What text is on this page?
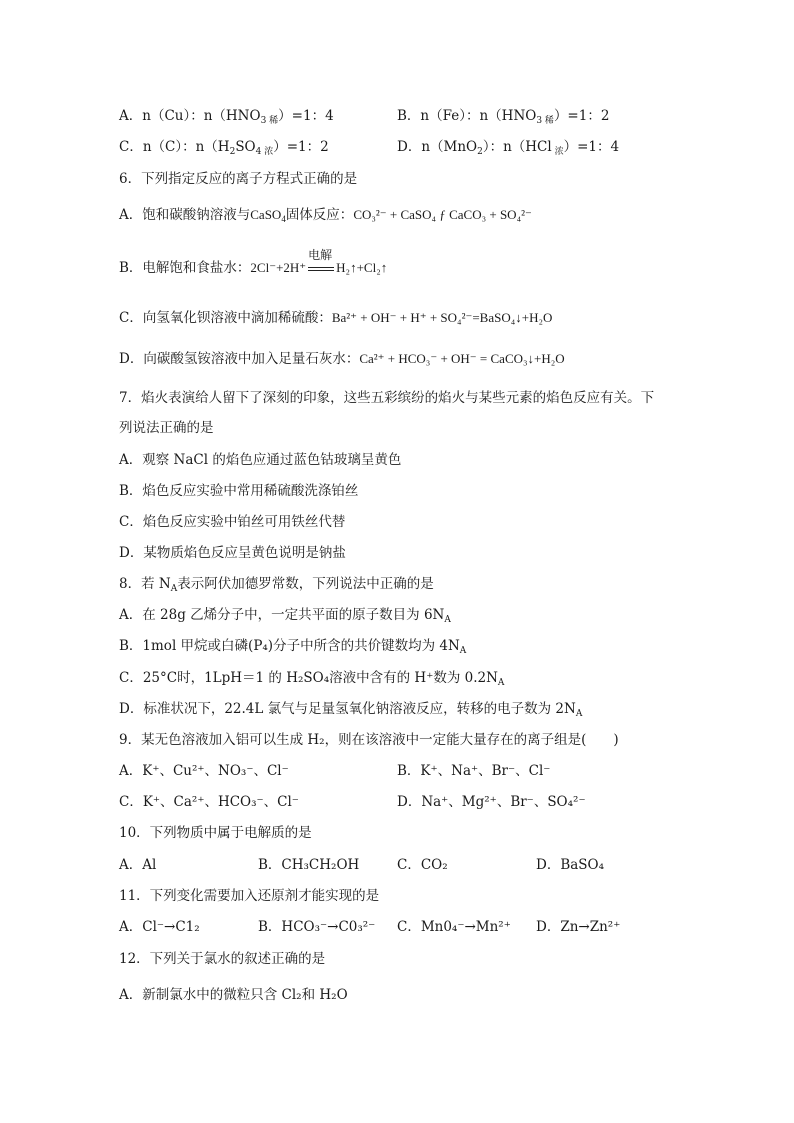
A．n（Cu）：$n(HNO_{3 稀})=1$：4	B．n（Fe）：$n(HNO_{3 稀})=1$：2
C．n（C）：$n(H_2SO_{4 浓})=1$：2	D．n（MnO$_2$）：n（HCl $_浓$）=1：4
6．下列指定反应的离子方程式正确的是
A．饱和碳酸钠溶液与CaSO$_4$固体反应：CO₃²⁻ + CaSO₄ ƒ CaCO₃ + SO₄²⁻
B．电解饱和食盐水：2Cl⁻+2H⁺
电解
H₂↑+Cl₂↑
C．向氢氧化钡溶液中滴加稀硫酸：Ba²⁺ + OH⁻ + H⁺ + SO₄²⁻=BaSO₄↓+H₂O
D．向碳酸氢铵溶液中加入足量石灰水：Ca²⁺ + HCO₃⁻ + OH⁻ = CaCO₃↓+H₂O
7．焰火表演给人留下了深刻的印象，这些五彩缤纷的焰火与某些元素的焰色反应有关。下
列说法正确的是
A．观察 NaCl 的焰色应通过蓝色钴玻璃呈黄色
B．焰色反应实验中常用稀硫酸洗涤铂丝
C．焰色反应实验中铂丝可用铁丝代替
D．某物质焰色反应呈黄色说明是钠盐
8．若 $N_A$表示阿伏加德罗常数，下列说法中正确的是
A．在 28g 乙烯分子中，一定共平面的原子数目为 $6N_A$
B．1mol 甲烷或白磷(P₄)分子中所含的共价键数均为 $4N_A$
C．25°C时，1LpH＝1 的 H₂SO₄溶液中含有的 H⁺数为 $0.2N_A$
D．标准状况下，22.4L 氯气与足量氢氧化钠溶液反应，转移的电子数为 $2N_A$
9．某无色溶液加入铝可以生成 H₂，则在该溶液中一定能大量存在的离子组是(　　)
A．K⁺、Cu²⁺、NO₃⁻、Cl⁻	B．K⁺、Na⁺、Br⁻、Cl⁻
C．K⁺、Ca²⁺、HCO₃⁻、Cl⁻	D．Na⁺、Mg²⁺、Br⁻、SO₄²⁻
10．下列物质中属于电解质的是
A．Al	B．CH₃CH₂OH	C．CO₂	D．BaSO₄
11．下列变化需要加入还原剂才能实现的是
A．Cl⁻→C1₂	B．HCO₃⁻→C0₃²⁻ C．Mn0₄⁻→Mn²⁺ D．Zn→Zn²⁺
12．下列关于氯水的叙述正确的是
A．新制氯水中的微粒只含 Cl₂和 H₂O
